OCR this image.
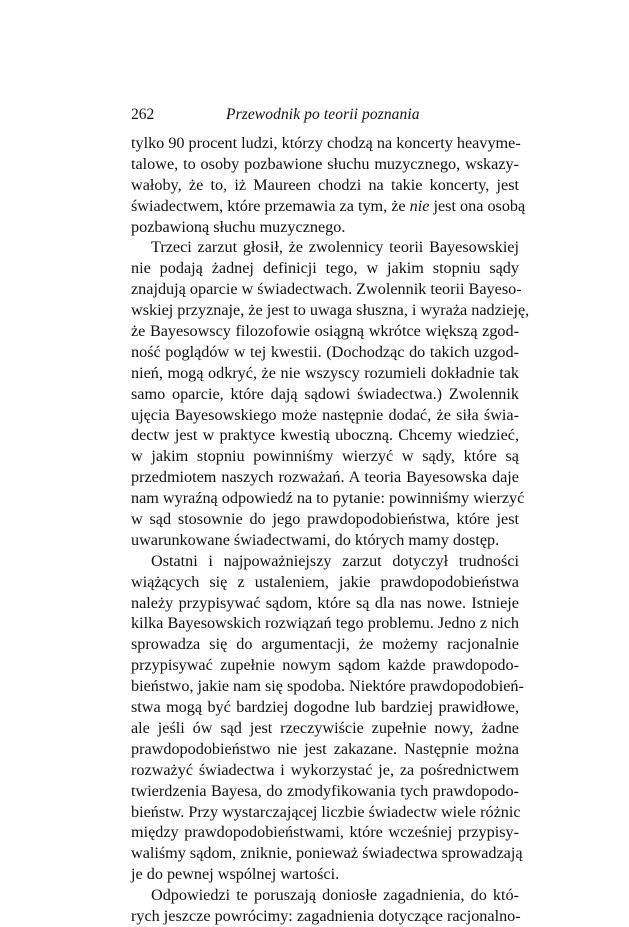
262	Przewodnik po teorii poznania
tylko 90 procent ludzi, którzy chodzą na koncerty heavyme-
talowe, to osoby pozbawione słuchu muzycznego, wskazy-
wałoby, że to, iż Maureen chodzi na takie koncerty, jest
świadectwem, które przemawia za tym, że nie jest ona osobą
pozbawioną słuchu muzycznego.
Trzeci zarzut głosił, że zwolennicy teorii Bayesowskiej
nie podają żadnej definicji tego, w jakim stopniu sądy
znajdują oparcie w świadectwach. Zwolennik teorii Bayeso-
wskiej przyznaje, że jest to uwaga słuszna, i wyraża nadzieję,
że Bayesowscy filozofowie osiągną wkrótce większą zgod-
ność poglądów w tej kwestii. (Dochodząc do takich uzgod-
nień, mogą odkryć, że nie wszyscy rozumieli dokładnie tak
samo oparcie, które dają sądowi świadectwa.) Zwolennik
ujęcia Bayesowskiego może następnie dodać, że siła świa-
dectw jest w praktyce kwestią uboczną. Chcemy wiedzieć,
w jakim stopniu powinniśmy wierzyć w sądy, które są
przedmiotem naszych rozważań. A teoria Bayesowska daje
nam wyraźną odpowiedź na to pytanie: powinniśmy wierzyć
w sąd stosownie do jego prawdopodobieństwa, które jest
uwarunkowane świadectwami, do których mamy dostęp.
Ostatni i najpoważniejszy zarzut dotyczył trudności
wiążących się z ustaleniem, jakie prawdopodobieństwa
należy przypisywać sądom, które są dla nas nowe. Istnieje
kilka Bayesowskich rozwiązań tego problemu. Jedno z nich
sprowadza się do argumentacji, że możemy racjonalnie
przypisywać zupełnie nowym sądom każde prawdopodo-
bieństwo, jakie nam się spodoba. Niektóre prawdopodobień-
stwa mogą być bardziej dogodne lub bardziej prawidłowe,
ale jeśli ów sąd jest rzeczywiście zupełnie nowy, żadne
prawdopodobieństwo nie jest zakazane. Następnie można
rozważyć świadectwa i wykorzystać je, za pośrednictwem
twierdzenia Bayesa, do zmodyfikowania tych prawdopodo-
bieństw. Przy wystarczającej liczbie świadectw wiele różnic
między prawdopodobieństwami, które wcześniej przypisy-
waliśmy sądom, zniknie, ponieważ świadectwa sprowadzają
je do pewnej wspólnej wartości.
Odpowiedzi te poruszają doniosłe zagadnienia, do któ-
rych jeszcze powrócimy: zagadnienia dotyczące racjonalno-
